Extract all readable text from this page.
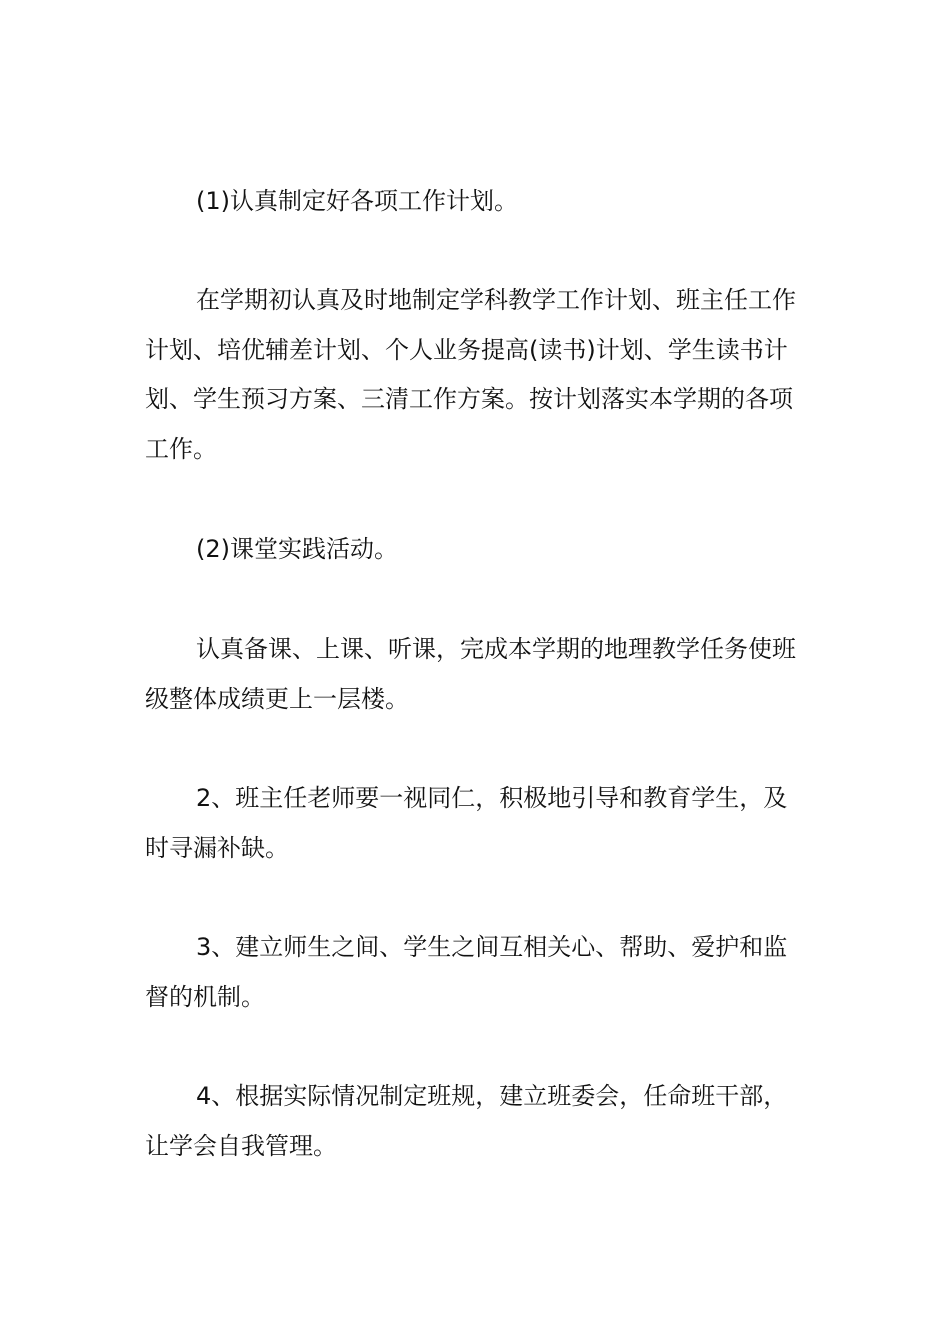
(1)认真制定好各项工作计划。

在学期初认真及时地制定学科教学工作计划、班主任工作计划、培优辅差计划、个人业务提高(读书)计划、学生读书计划、学生预习方案、三清工作方案。按计划落实本学期的各项工作。

(2)课堂实践活动。

认真备课、上课、听课，完成本学期的地理教学任务使班级整体成绩更上一层楼。

2、班主任老师要一视同仁，积极地引导和教育学生，及时寻漏补缺。

3、建立师生之间、学生之间互相关心、帮助、爱护和监督的机制。

4、根据实际情况制定班规，建立班委会，任命班干部，让学会自我管理。
